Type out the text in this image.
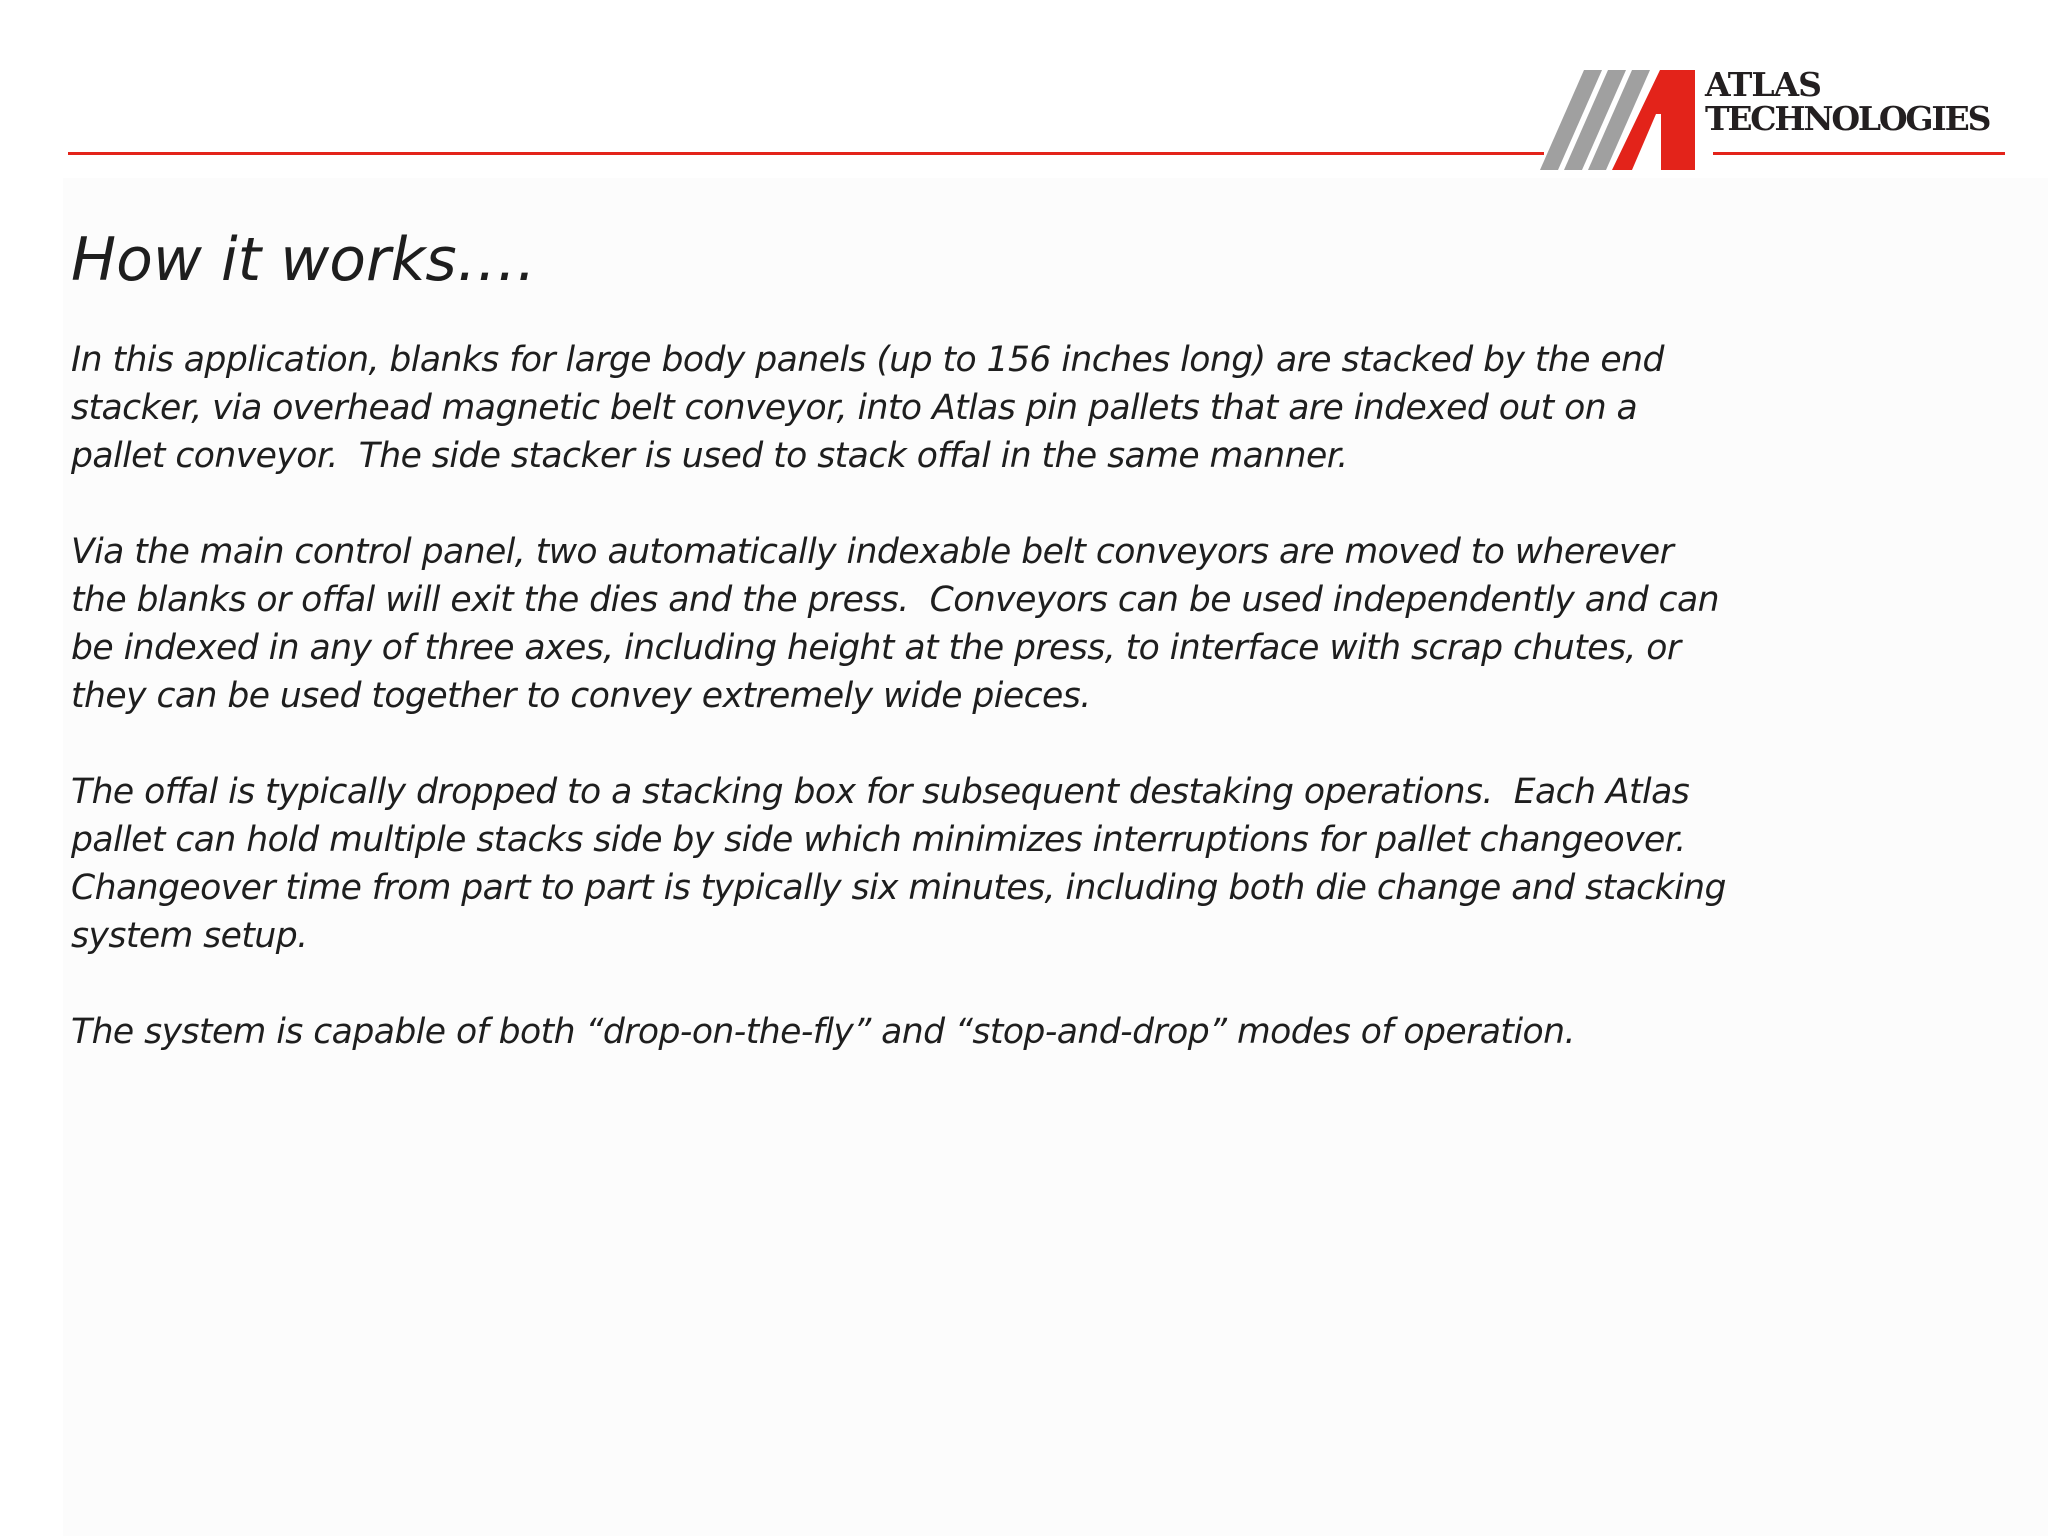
ATLAS
TECHNOLOGIES
How it works….
In this application, blanks for large body panels (up to 156 inches long) are stacked by the end
stacker, via overhead magnetic belt conveyor, into Atlas pin pallets that are indexed out on a
pallet conveyor.  The side stacker is used to stack offal in the same manner.
Via the main control panel, two automatically indexable belt conveyors are moved to wherever
the blanks or offal will exit the dies and the press.  Conveyors can be used independently and can
be indexed in any of three axes, including height at the press, to interface with scrap chutes, or
they can be used together to convey extremely wide pieces.
The offal is typically dropped to a stacking box for subsequent destaking operations.  Each Atlas
pallet can hold multiple stacks side by side which minimizes interruptions for pallet changeover.
Changeover time from part to part is typically six minutes, including both die change and stacking
system setup.
The system is capable of both “drop-on-the-fly” and “stop-and-drop” modes of operation.
